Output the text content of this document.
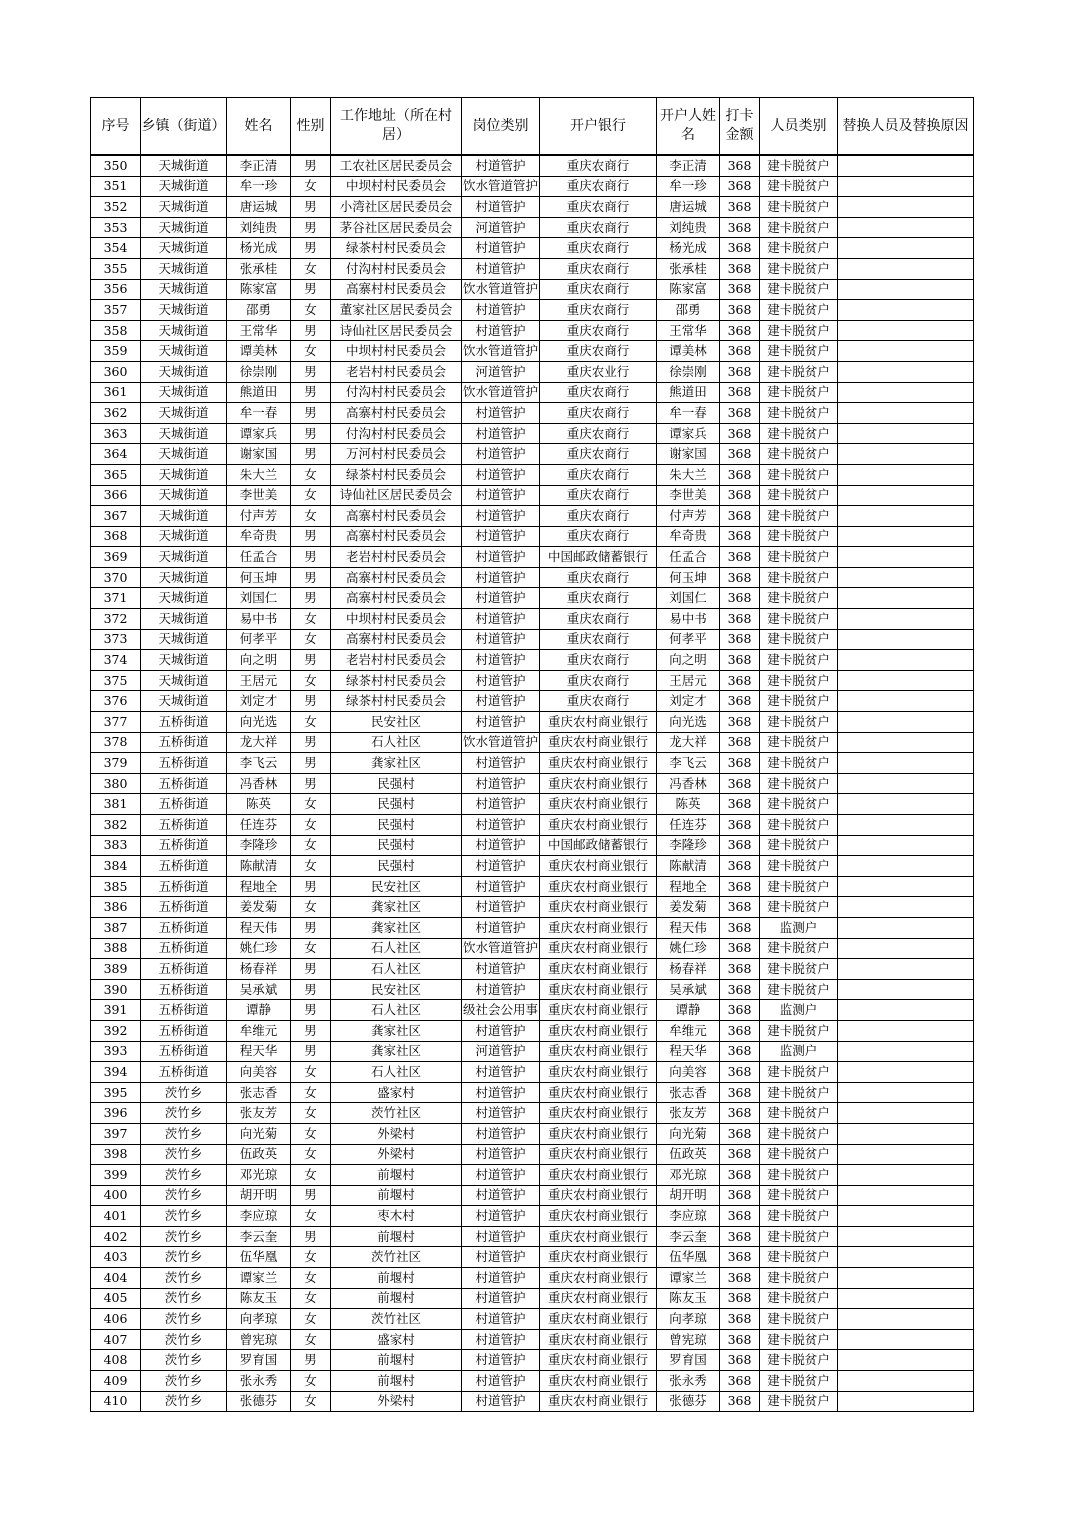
序号	乡镇（街道）	姓名	性别	工作地址（所在村居）	岗位类别	开户银行	开户人姓名	打卡金额	人员类别	替换人员及替换原因

350	天城街道	李正清	男	工农社区居民委员会	村道管护	重庆农商行	李正清	368	建卡脱贫户	
351	天城街道	牟一珍	女	中坝村村民委员会	饮水管道管护	重庆农商行	牟一珍	368	建卡脱贫户	
352	天城街道	唐运城	男	小湾社区居民委员会	村道管护	重庆农商行	唐运城	368	建卡脱贫户	
353	天城街道	刘纯贵	男	茅谷社区居民委员会	河道管护	重庆农商行	刘纯贵	368	建卡脱贫户	
354	天城街道	杨光成	男	绿茶村村民委员会	村道管护	重庆农商行	杨光成	368	建卡脱贫户	
355	天城街道	张承桂	女	付沟村村民委员会	村道管护	重庆农商行	张承桂	368	建卡脱贫户	
356	天城街道	陈家富	男	高寨村村民委员会	饮水管道管护	重庆农商行	陈家富	368	建卡脱贫户	
357	天城街道	邵勇	女	董家社区居民委员会	村道管护	重庆农商行	邵勇	368	建卡脱贫户	
358	天城街道	王常华	男	诗仙社区居民委员会	村道管护	重庆农商行	王常华	368	建卡脱贫户	
359	天城街道	谭美林	女	中坝村村民委员会	饮水管道管护	重庆农商行	谭美林	368	建卡脱贫户	
360	天城街道	徐崇刚	男	老岩村村民委员会	河道管护	重庆农业行	徐崇刚	368	建卡脱贫户	
361	天城街道	熊道田	男	付沟村村民委员会	饮水管道管护	重庆农商行	熊道田	368	建卡脱贫户	
362	天城街道	牟一春	男	高寨村村民委员会	村道管护	重庆农商行	牟一春	368	建卡脱贫户	
363	天城街道	谭家兵	男	付沟村村民委员会	村道管护	重庆农商行	谭家兵	368	建卡脱贫户	
364	天城街道	谢家国	男	万河村村民委员会	村道管护	重庆农商行	谢家国	368	建卡脱贫户	
365	天城街道	朱大兰	女	绿茶村村民委员会	村道管护	重庆农商行	朱大兰	368	建卡脱贫户	
366	天城街道	李世美	女	诗仙社区居民委员会	村道管护	重庆农商行	李世美	368	建卡脱贫户	
367	天城街道	付声芳	女	高寨村村民委员会	村道管护	重庆农商行	付声芳	368	建卡脱贫户	
368	天城街道	牟奇贵	男	高寨村村民委员会	村道管护	重庆农商行	牟奇贵	368	建卡脱贫户	
369	天城街道	任孟合	男	老岩村村民委员会	村道管护	中国邮政储蓄银行	任孟合	368	建卡脱贫户	
370	天城街道	何玉坤	男	高寨村村民委员会	村道管护	重庆农商行	何玉坤	368	建卡脱贫户	
371	天城街道	刘国仁	男	高寨村村民委员会	村道管护	重庆农商行	刘国仁	368	建卡脱贫户	
372	天城街道	易中书	女	中坝村村民委员会	村道管护	重庆农商行	易中书	368	建卡脱贫户	
373	天城街道	何孝平	女	高寨村村民委员会	村道管护	重庆农商行	何孝平	368	建卡脱贫户	
374	天城街道	向之明	男	老岩村村民委员会	村道管护	重庆农商行	向之明	368	建卡脱贫户	
375	天城街道	王居元	女	绿茶村村民委员会	村道管护	重庆农商行	王居元	368	建卡脱贫户	
376	天城街道	刘定才	男	绿茶村村民委员会	村道管护	重庆农商行	刘定才	368	建卡脱贫户	
377	五桥街道	向光选	女	民安社区	村道管护	重庆农村商业银行	向光选	368	建卡脱贫户	
378	五桥街道	龙大祥	男	石人社区	饮水管道管护	重庆农村商业银行	龙大祥	368	建卡脱贫户	
379	五桥街道	李飞云	男	龚家社区	村道管护	重庆农村商业银行	李飞云	368	建卡脱贫户	
380	五桥街道	冯香林	男	民强村	村道管护	重庆农村商业银行	冯香林	368	建卡脱贫户	
381	五桥街道	陈英	女	民强村	村道管护	重庆农村商业银行	陈英	368	建卡脱贫户	
382	五桥街道	任连芬	女	民强村	村道管护	重庆农村商业银行	任连芬	368	建卡脱贫户	
383	五桥街道	李隆珍	女	民强村	村道管护	中国邮政储蓄银行	李隆珍	368	建卡脱贫户	
384	五桥街道	陈献清	女	民强村	村道管护	重庆农村商业银行	陈献清	368	建卡脱贫户	
385	五桥街道	程地全	男	民安社区	村道管护	重庆农村商业银行	程地全	368	建卡脱贫户	
386	五桥街道	姜发菊	女	龚家社区	村道管护	重庆农村商业银行	姜发菊	368	建卡脱贫户	
387	五桥街道	程天伟	男	龚家社区	村道管护	重庆农村商业银行	程天伟	368	监测户	
388	五桥街道	姚仁珍	女	石人社区	饮水管道管护	重庆农村商业银行	姚仁珍	368	建卡脱贫户	
389	五桥街道	杨春祥	男	石人社区	村道管护	重庆农村商业银行	杨春祥	368	建卡脱贫户	
390	五桥街道	吴承斌	男	民安社区	村道管护	重庆农村商业银行	吴承斌	368	建卡脱贫户	
391	五桥街道	谭静	男	石人社区	级社会公用事	重庆农村商业银行	谭静	368	监测户	
392	五桥街道	牟维元	男	龚家社区	村道管护	重庆农村商业银行	牟维元	368	建卡脱贫户	
393	五桥街道	程天华	男	龚家社区	河道管护	重庆农村商业银行	程天华	368	监测户	
394	五桥街道	向美容	女	石人社区	村道管护	重庆农村商业银行	向美容	368	建卡脱贫户	
395	茨竹乡	张志香	女	盛家村	村道管护	重庆农村商业银行	张志香	368	建卡脱贫户	
396	茨竹乡	张友芳	女	茨竹社区	村道管护	重庆农村商业银行	张友芳	368	建卡脱贫户	
397	茨竹乡	向光菊	女	外梁村	村道管护	重庆农村商业银行	向光菊	368	建卡脱贫户	
398	茨竹乡	伍政英	女	外梁村	村道管护	重庆农村商业银行	伍政英	368	建卡脱贫户	
399	茨竹乡	邓光琼	女	前堰村	村道管护	重庆农村商业银行	邓光琼	368	建卡脱贫户	
400	茨竹乡	胡开明	男	前堰村	村道管护	重庆农村商业银行	胡开明	368	建卡脱贫户	
401	茨竹乡	李应琼	女	枣木村	村道管护	重庆农村商业银行	李应琼	368	建卡脱贫户	
402	茨竹乡	李云奎	男	前堰村	村道管护	重庆农村商业银行	李云奎	368	建卡脱贫户	
403	茨竹乡	伍华凰	女	茨竹社区	村道管护	重庆农村商业银行	伍华凰	368	建卡脱贫户	
404	茨竹乡	谭家兰	女	前堰村	村道管护	重庆农村商业银行	谭家兰	368	建卡脱贫户	
405	茨竹乡	陈友玉	女	前堰村	村道管护	重庆农村商业银行	陈友玉	368	建卡脱贫户	
406	茨竹乡	向孝琼	女	茨竹社区	村道管护	重庆农村商业银行	向孝琼	368	建卡脱贫户	
407	茨竹乡	曾宪琼	女	盛家村	村道管护	重庆农村商业银行	曾宪琼	368	建卡脱贫户	
408	茨竹乡	罗育国	男	前堰村	村道管护	重庆农村商业银行	罗育国	368	建卡脱贫户	
409	茨竹乡	张永秀	女	前堰村	村道管护	重庆农村商业银行	张永秀	368	建卡脱贫户	
410	茨竹乡	张德芬	女	外梁村	村道管护	重庆农村商业银行	张德芬	368	建卡脱贫户	
